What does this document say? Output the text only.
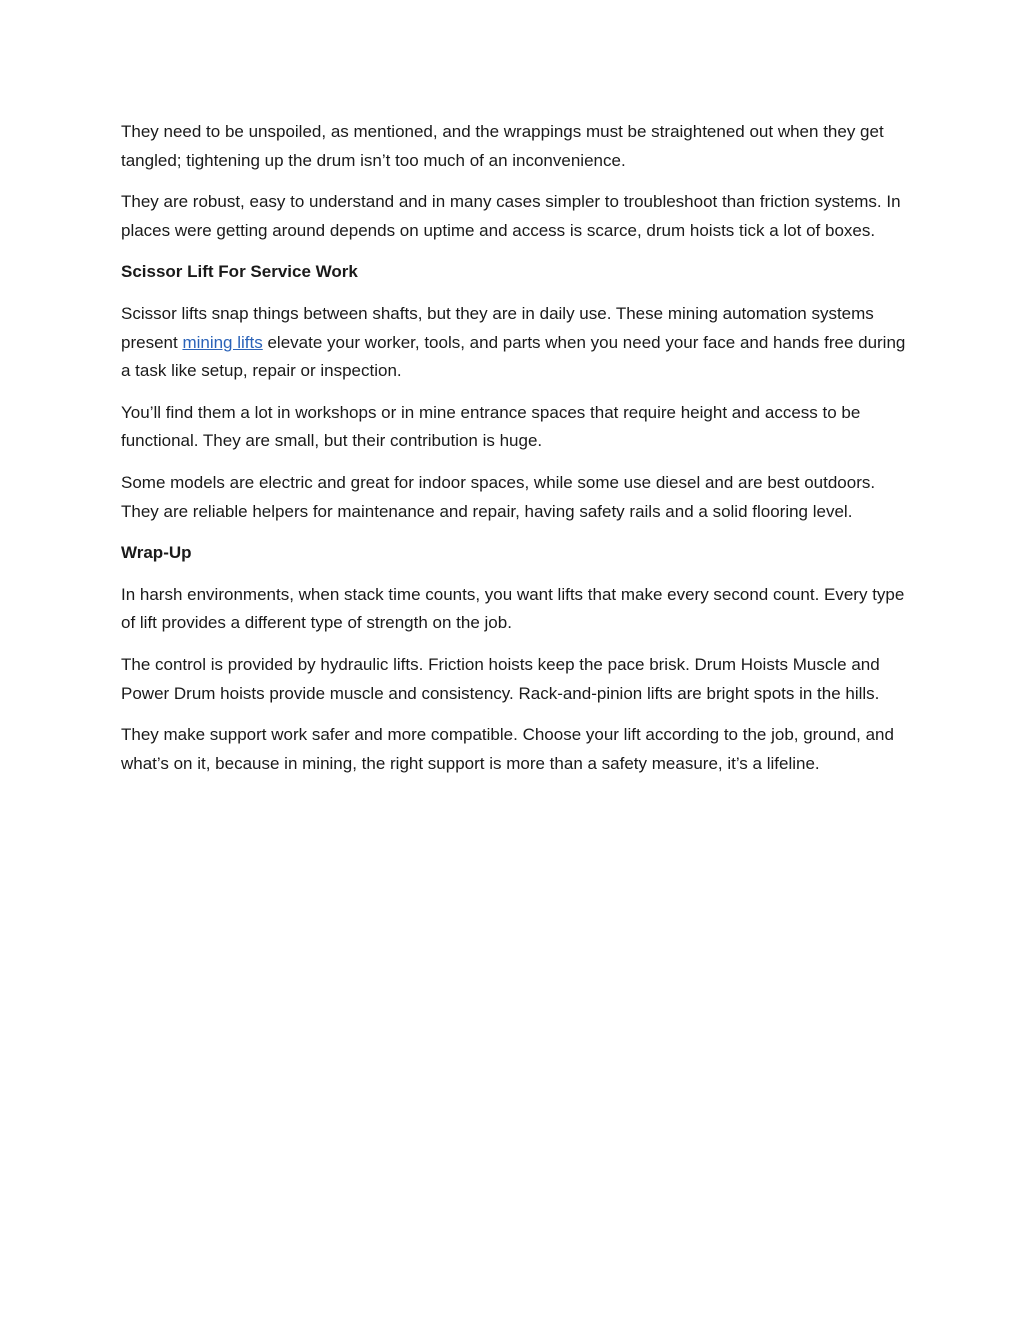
They need to be unspoiled, as mentioned, and the wrappings must be straightened out when they get tangled; tightening up the drum isn’t too much of an inconvenience.

They are robust, easy to understand and in many cases simpler to troubleshoot than friction systems. In places were getting around depends on uptime and access is scarce, drum hoists tick a lot of boxes.

Scissor Lift For Service Work

Scissor lifts snap things between shafts, but they are in daily use. These mining automation systems present mining lifts elevate your worker, tools, and parts when you need your face and hands free during a task like setup, repair or inspection.

You’ll find them a lot in workshops or in mine entrance spaces that require height and access to be functional. They are small, but their contribution is huge.

Some models are electric and great for indoor spaces, while some use diesel and are best outdoors. They are reliable helpers for maintenance and repair, having safety rails and a solid flooring level.

Wrap-Up

In harsh environments, when stack time counts, you want lifts that make every second count. Every type of lift provides a different type of strength on the job.

The control is provided by hydraulic lifts. Friction hoists keep the pace brisk. Drum Hoists Muscle and Power Drum hoists provide muscle and consistency. Rack-and-pinion lifts are bright spots in the hills.

They make support work safer and more compatible. Choose your lift according to the job, ground, and what’s on it, because in mining, the right support is more than a safety measure, it’s a lifeline.
